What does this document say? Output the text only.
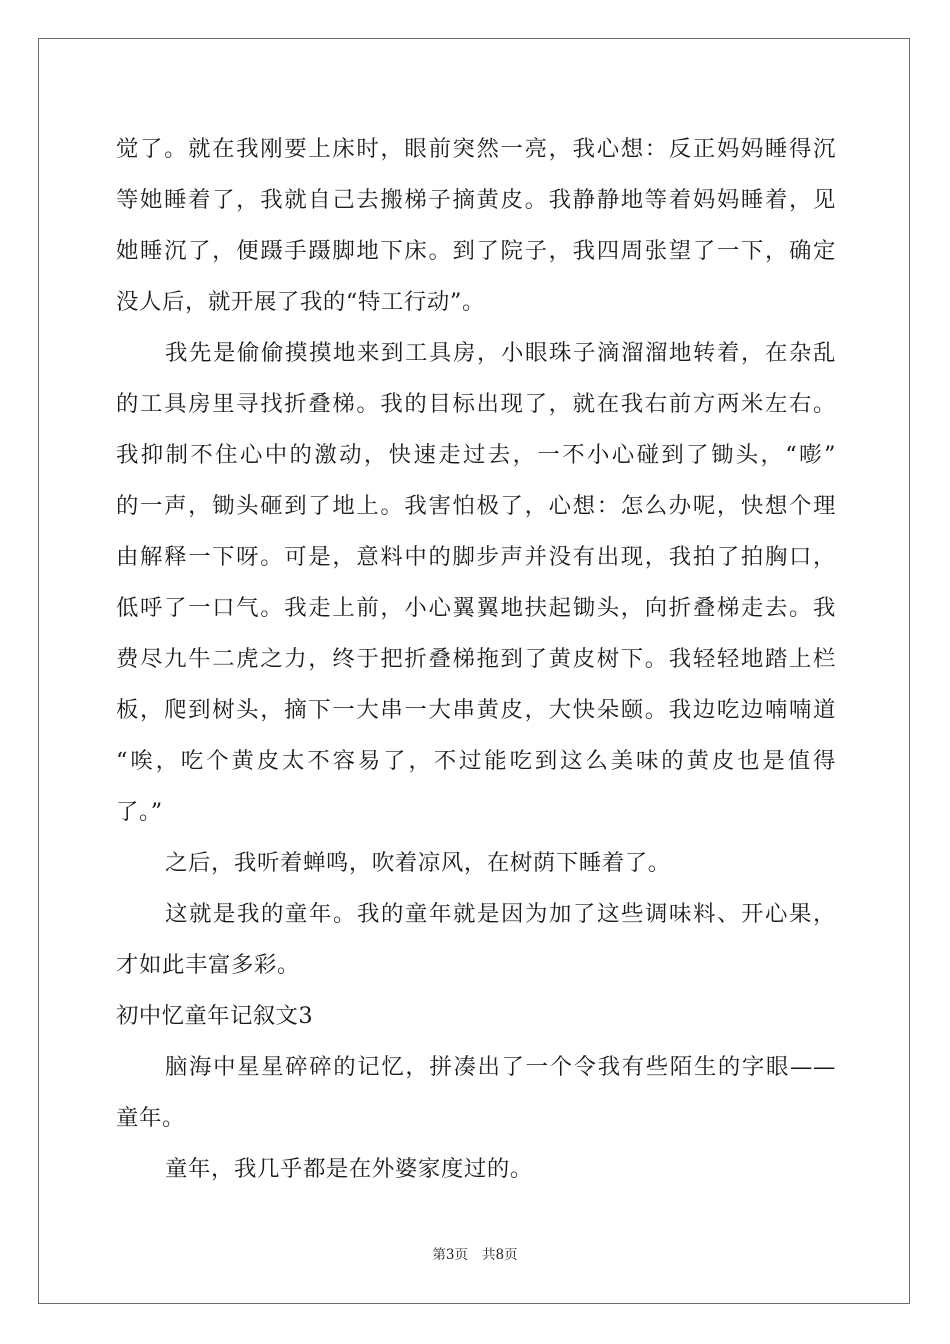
觉了。就在我刚要上床时，眼前突然一亮，我心想：反正妈妈睡得沉
等她睡着了，我就自己去搬梯子摘黄皮。我静静地等着妈妈睡着，见
她睡沉了，便蹑手蹑脚地下床。到了院子，我四周张望了一下，确定
没人后，就开展了我的“特工行动”。
我先是偷偷摸摸地来到工具房，小眼珠子滴溜溜地转着，在杂乱
的工具房里寻找折叠梯。我的目标出现了，就在我右前方两米左右。
我抑制不住心中的激动，快速走过去，一不小心碰到了锄头，“嘭”
的一声，锄头砸到了地上。我害怕极了，心想：怎么办呢，快想个理
由解释一下呀。可是，意料中的脚步声并没有出现，我拍了拍胸口，
低呼了一口气。我走上前，小心翼翼地扶起锄头，向折叠梯走去。我
费尽九牛二虎之力，终于把折叠梯拖到了黄皮树下。我轻轻地踏上栏
板，爬到树头，摘下一大串一大串黄皮，大快朵颐。我边吃边喃喃道
“唉，吃个黄皮太不容易了，不过能吃到这么美味的黄皮也是值得
了。”
之后，我听着蝉鸣，吹着凉风，在树荫下睡着了。
这就是我的童年。我的童年就是因为加了这些调味料、开心果，
才如此丰富多彩。
初中忆童年记叙文3
脑海中星星碎碎的记忆，拼凑出了一个令我有些陌生的字眼——
童年。
童年，我几乎都是在外婆家度过的。
第3页 共8页
